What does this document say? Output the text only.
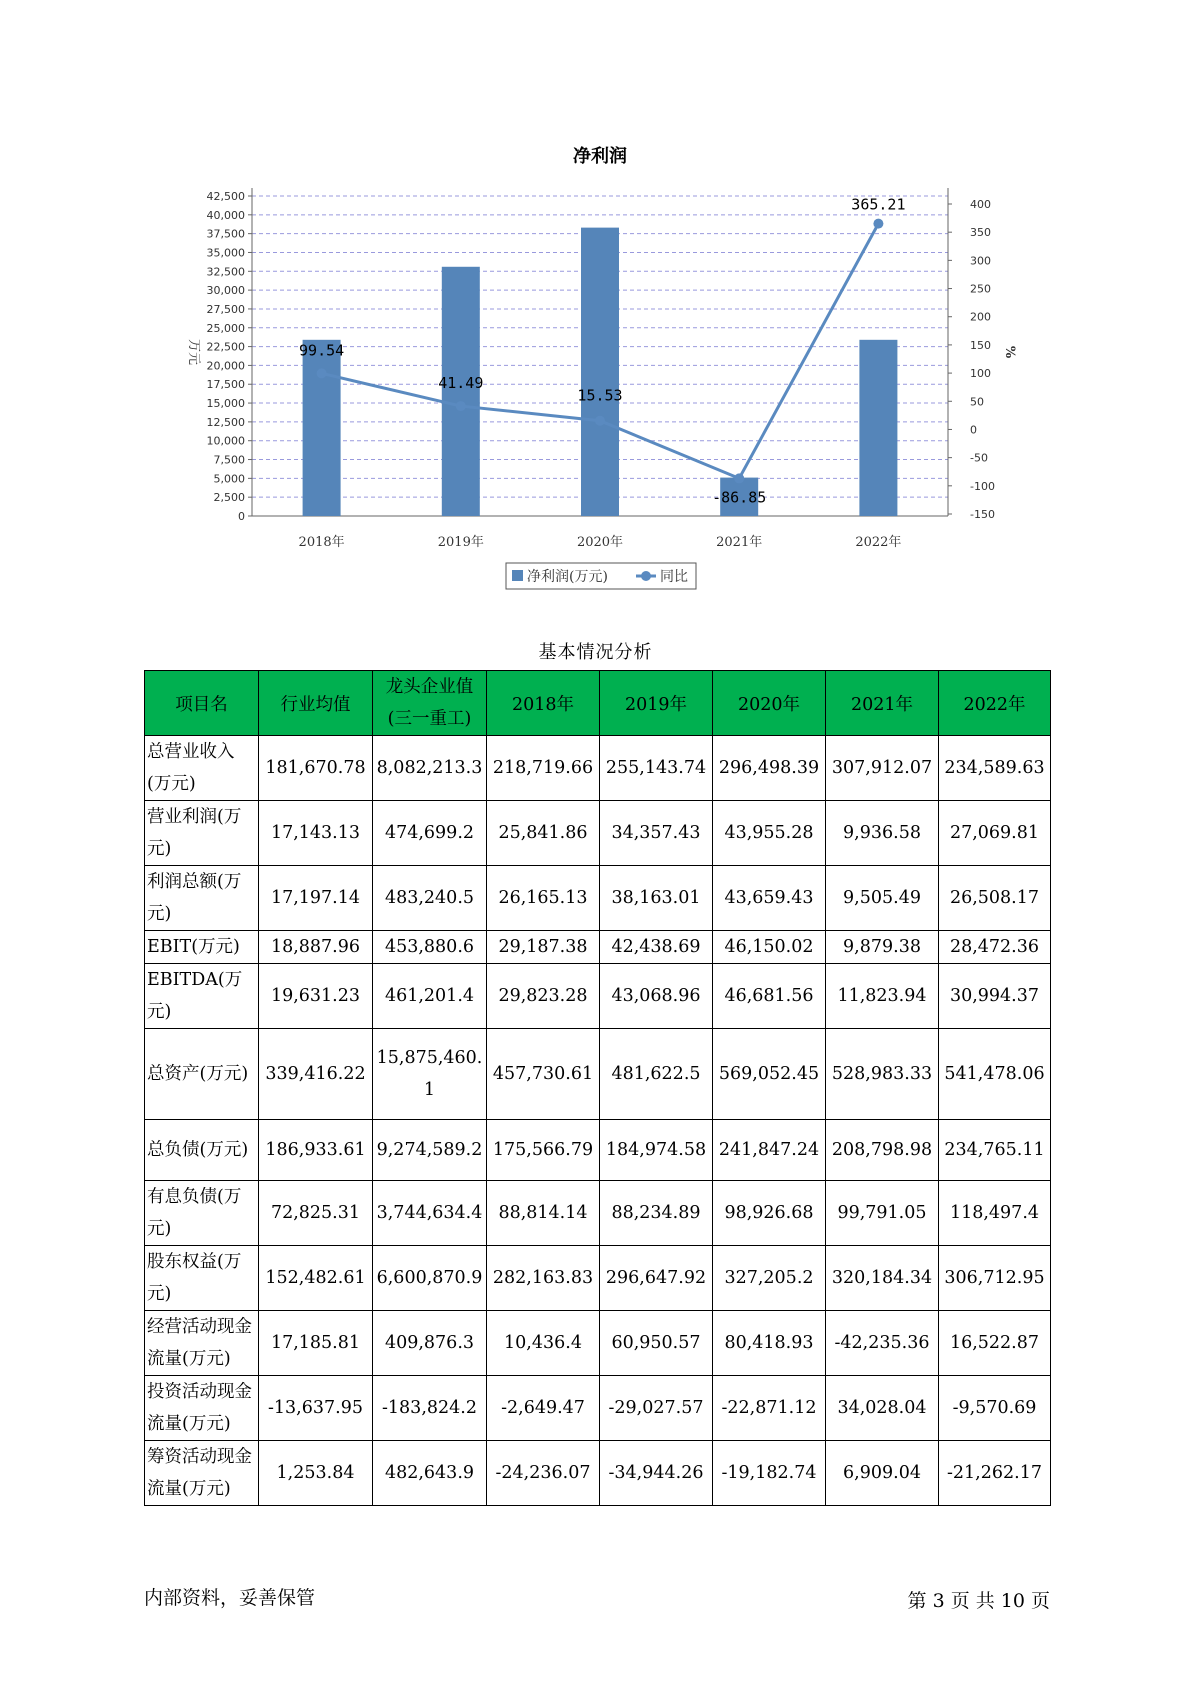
净利润
0
2,500
5,000
7,500
10,000
12,500
15,000
17,500
20,000
22,500
25,000
27,500
30,000
32,500
35,000
37,500
40,000
42,500
万元
-150
-100
-50
0
50
100
150
200
250
300
350
400
%
2018年	2019年	2020年	2021年	2022年
99.54
41.49
15.53
-86.85
365.21
净利润(万元)	同比
基本情况分析
项目名	行业均值	龙头企业值(三一重工)	2018年	2019年	2020年	2021年	2022年
总营业收入(万元)	181,670.78	8,082,213.3	218,719.66	255,143.74	296,498.39	307,912.07	234,589.63
营业利润(万元)	17,143.13	474,699.2	25,841.86	34,357.43	43,955.28	9,936.58	27,069.81
利润总额(万元)	17,197.14	483,240.5	26,165.13	38,163.01	43,659.43	9,505.49	26,508.17
EBIT(万元)	18,887.96	453,880.6	29,187.38	42,438.69	46,150.02	9,879.38	28,472.36
EBITDA(万元)	19,631.23	461,201.4	29,823.28	43,068.96	46,681.56	11,823.94	30,994.37
总资产(万元)	339,416.22	15,875,460.1	457,730.61	481,622.5	569,052.45	528,983.33	541,478.06
总负债(万元)	186,933.61	9,274,589.2	175,566.79	184,974.58	241,847.24	208,798.98	234,765.11
有息负债(万元)	72,825.31	3,744,634.4	88,814.14	88,234.89	98,926.68	99,791.05	118,497.4
股东权益(万元)	152,482.61	6,600,870.9	282,163.83	296,647.92	327,205.2	320,184.34	306,712.95
经营活动现金流量(万元)	17,185.81	409,876.3	10,436.4	60,950.57	80,418.93	-42,235.36	16,522.87
投资活动现金流量(万元)	-13,637.95	-183,824.2	-2,649.47	-29,027.57	-22,871.12	34,028.04	-9,570.69
筹资活动现金流量(万元)	1,253.84	482,643.9	-24,236.07	-34,944.26	-19,182.74	6,909.04	-21,262.17
内部资料，妥善保管	第 3 页 共 10 页
